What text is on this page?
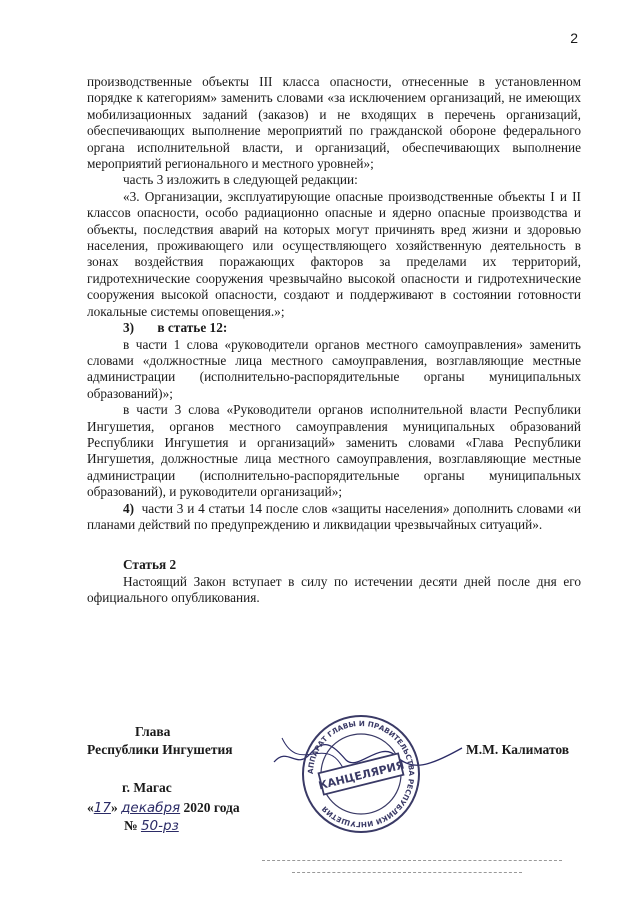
2

производственные объекты III класса опасности, отнесенные в установленном порядке к категориям» заменить словами «за исключением организаций, не имеющих мобилизационных заданий (заказов) и не входящих в перечень организаций, обеспечивающих выполнение мероприятий по гражданской обороне федерального органа исполнительной власти, и организаций, обеспечивающих выполнение мероприятий регионального и местного уровней»;

часть 3 изложить в следующей редакции:

«3. Организации, эксплуатирующие опасные производственные объекты I и II классов опасности, особо радиационно опасные и ядерно опасные производства и объекты, последствия аварий на которых могут причинять вред жизни и здоровью населения, проживающего или осуществляющего хозяйственную деятельность в зонах воздействия поражающих факторов за пределами их территорий, гидротехнические сооружения чрезвычайно высокой опасности и гидротехнические сооружения высокой опасности, создают и поддерживают в состоянии готовности локальные системы оповещения.»;

3) в статье 12:

в части 1 слова «руководители органов местного самоуправления» заменить словами «должностные лица местного самоуправления, возглавляющие местные администрации (исполнительно-распорядительные органы муниципальных образований)»;

в части 3 слова «Руководители органов исполнительной власти Республики Ингушетия, органов местного самоуправления муниципальных образований Республики Ингушетия и организаций» заменить словами «Глава Республики Ингушетия, должностные лица местного самоуправления, возглавляющие местные администрации (исполнительно-распорядительные органы муниципальных образований), и руководители организаций»;

4) части 3 и 4 статьи 14 после слов «защиты населения» дополнить словами «и планами действий по предупреждению и ликвидации чрезвычайных ситуаций».

Статья 2

Настоящий Закон вступает в силу по истечении десяти дней после дня его официального опубликования.

Глава
Республики Ингушетия	М.М. Калиматов
г. Магас
«17» декабря 2020 года
№ 50-рз
АППАРАТ ГЛАВЫ И ПРАВИТЕЛЬСТВА РЕСПУБЛИКИ ИНГУШЕТИЯ
КАНЦЕЛЯРИЯ
